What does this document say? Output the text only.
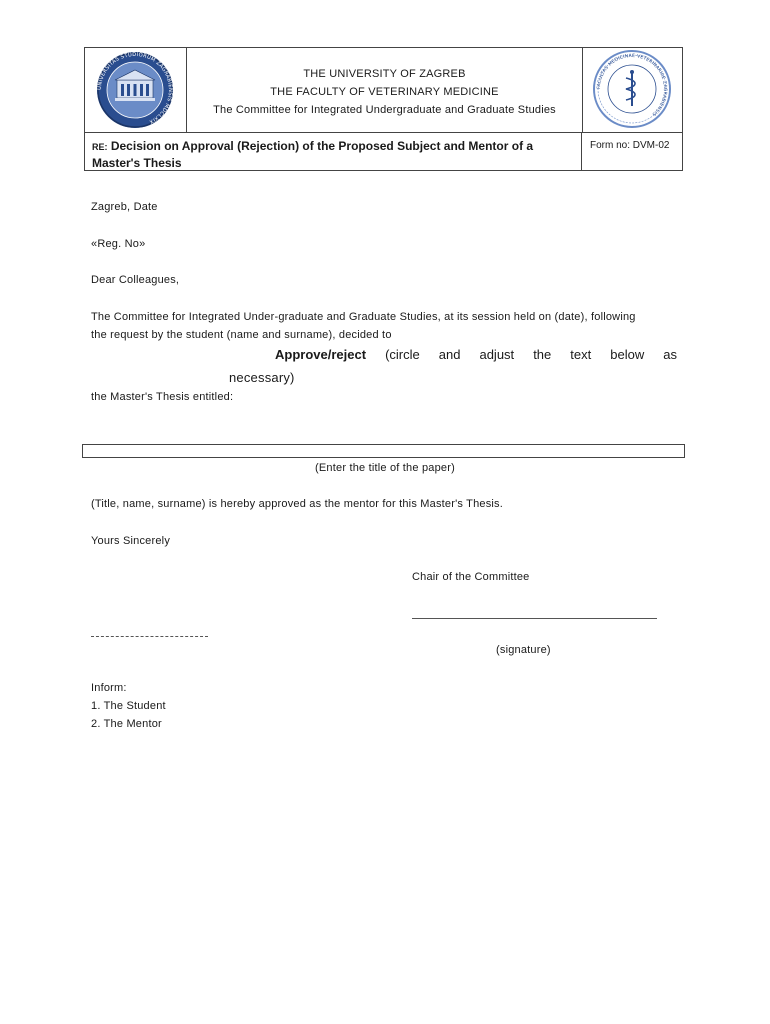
UNIVERSITAS STUDIORUM ZAGRABIENSIS MDCLXIX
THE UNIVERSITY OF ZAGREB
THE FACULTY OF VETERINARY MEDICINE
The Committee for Integrated Undergraduate and Graduate Studies
FACULTAS MEDICINAE VETERINARIAE ZAGRABIENSIS
RE: Decision on Approval (Rejection) of the Proposed Subject and Mentor of a Master's Thesis
Form no: DVM-02
Zagreb, Date
«Reg. No»
Dear Colleagues,
The Committee for Integrated Under-graduate and Graduate Studies, at its session held on (date), following
the request by the student (name and surname), decided to
Approve/reject (circle and adjust the text below as
necessary)
the Master's Thesis entitled:
(Enter the title of the paper)
(Title, name, surname) is hereby approved as the mentor for this Master's Thesis.
Yours Sincerely
Chair of the Committee
(signature)
Inform:
1. The Student
2. The Mentor
